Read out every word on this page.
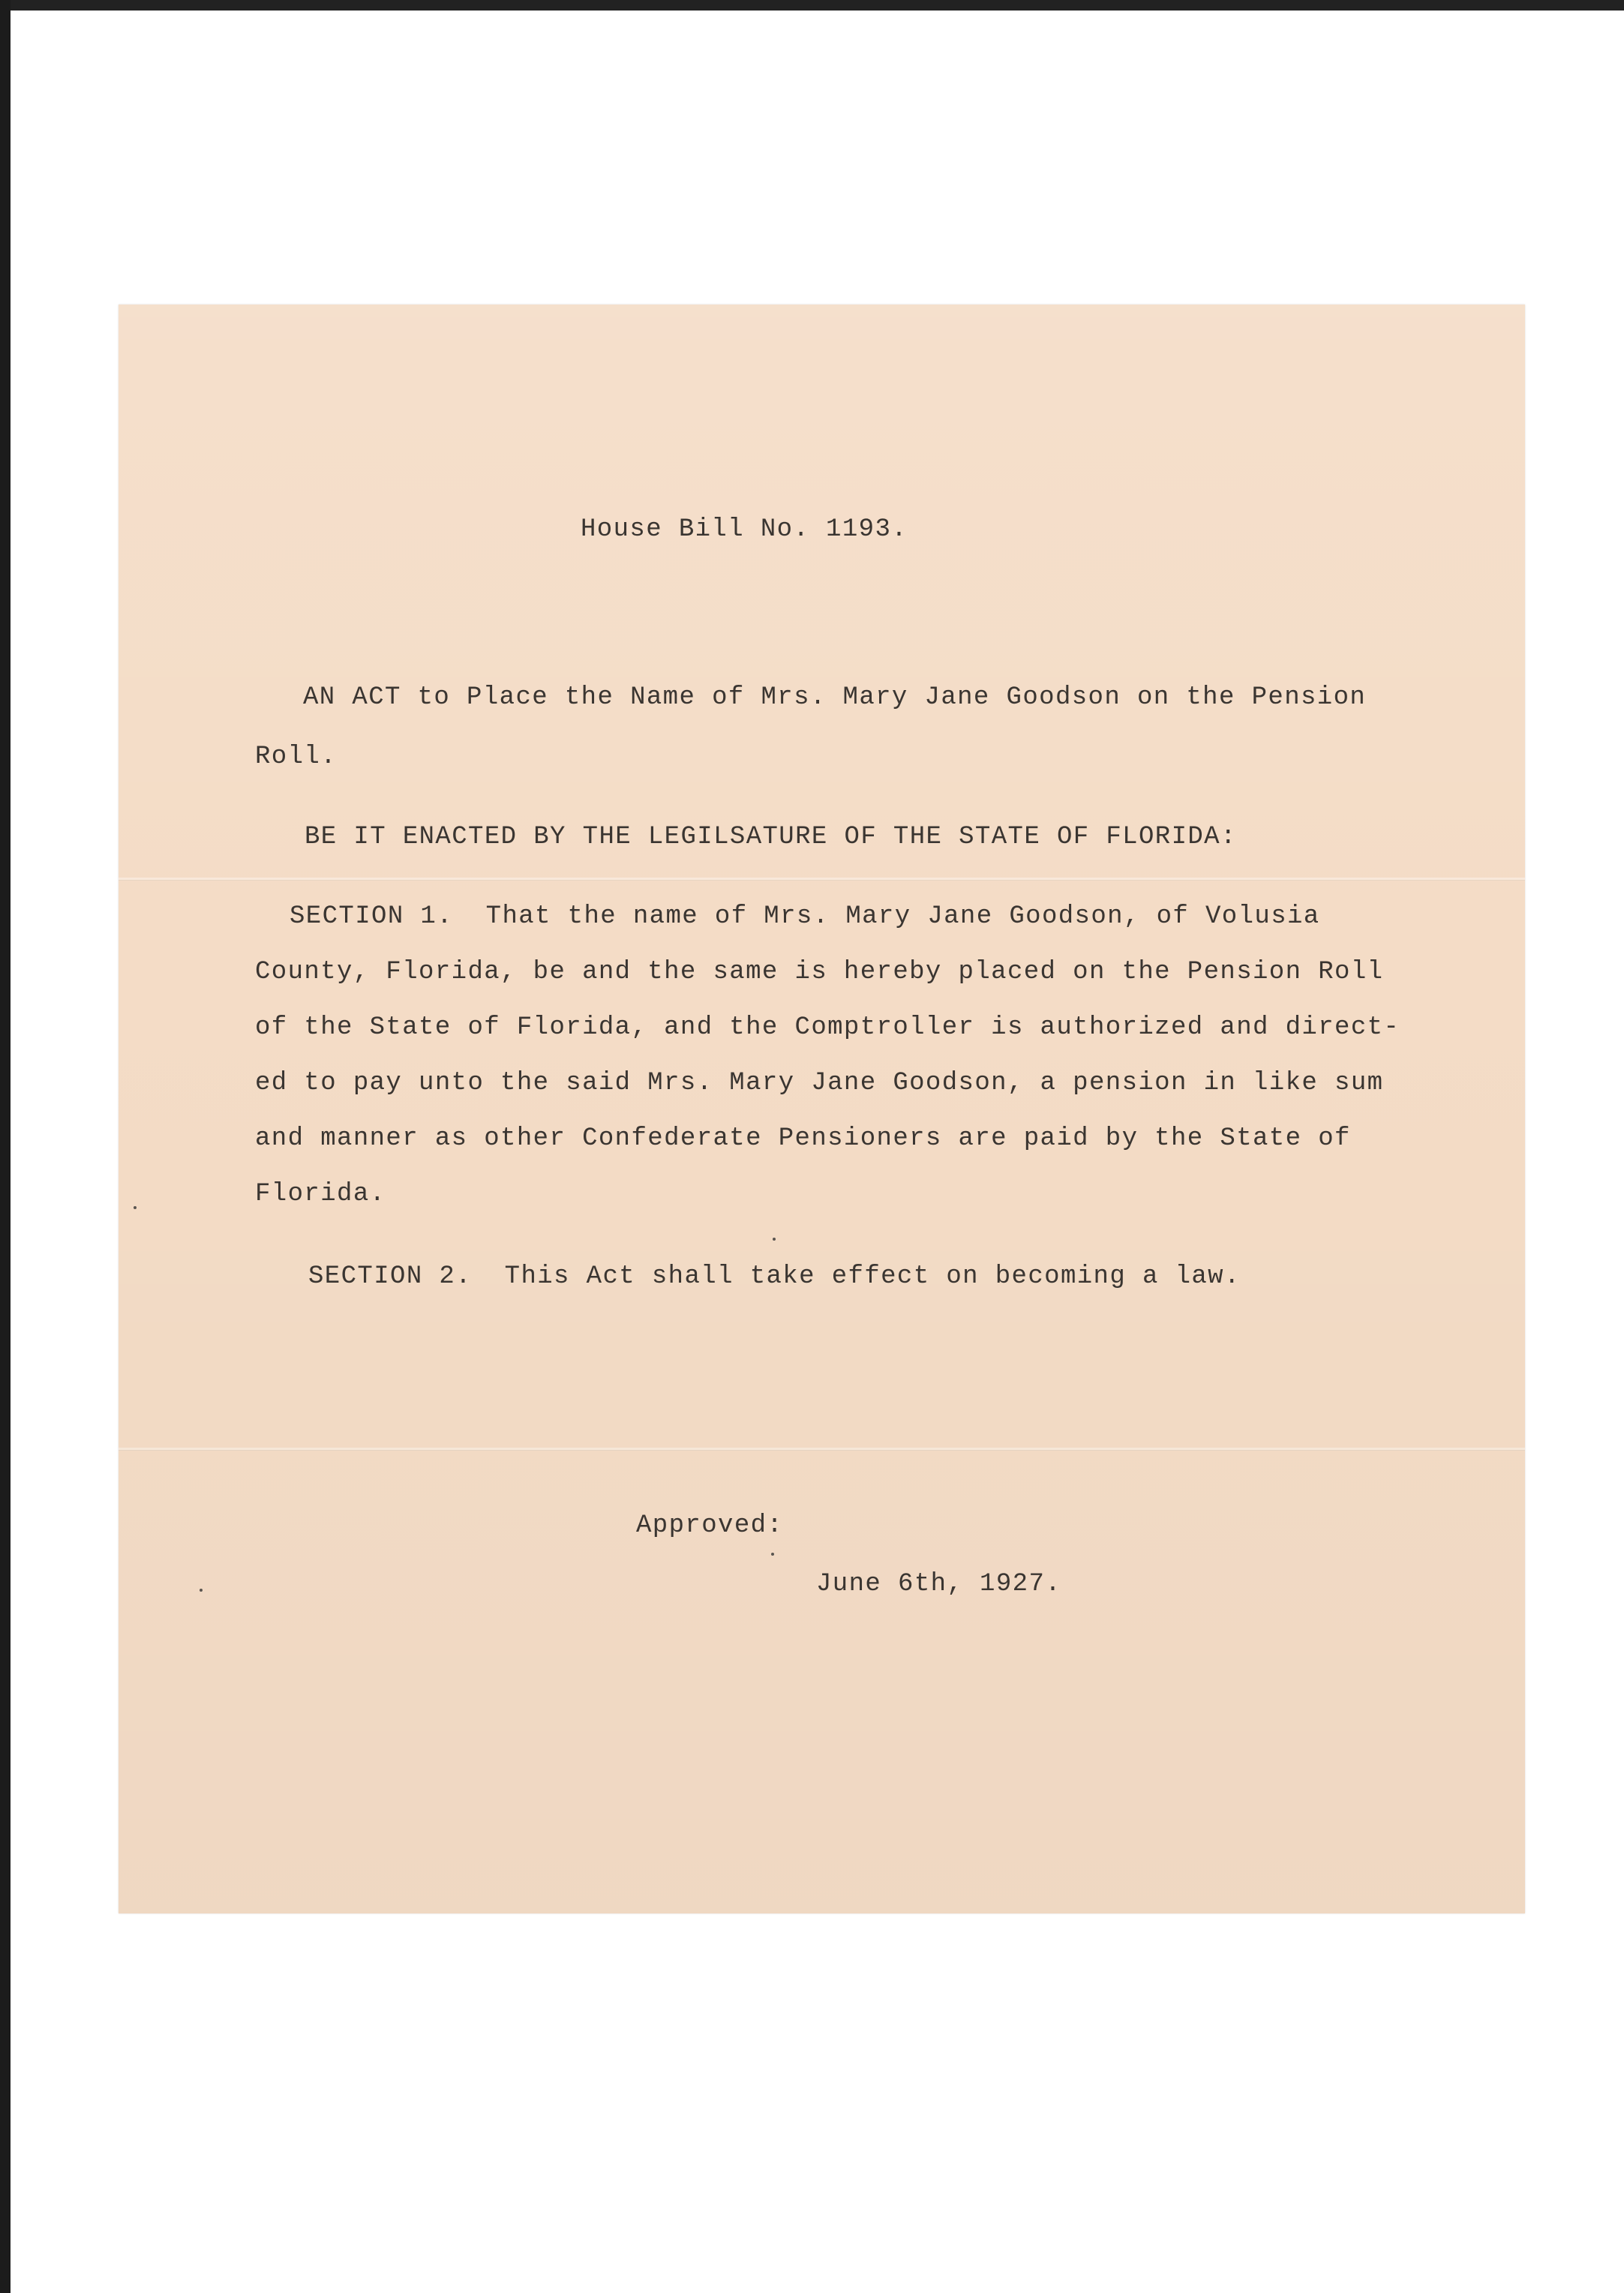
House Bill No. 1193.
AN ACT to Place the Name of Mrs. Mary Jane Goodson on the Pension
Roll.
BE IT ENACTED BY THE LEGILSATURE OF THE STATE OF FLORIDA:
SECTION 1.  That the name of Mrs. Mary Jane Goodson, of Volusia
County, Florida, be and the same is hereby placed on the Pension Roll
of the State of Florida, and the Comptroller is authorized and direct-
ed to pay unto the said Mrs. Mary Jane Goodson, a pension in like sum
and manner as other Confederate Pensioners are paid by the State of
Florida.
SECTION 2.  This Act shall take effect on becoming a law.
Approved:
June 6th, 1927.
